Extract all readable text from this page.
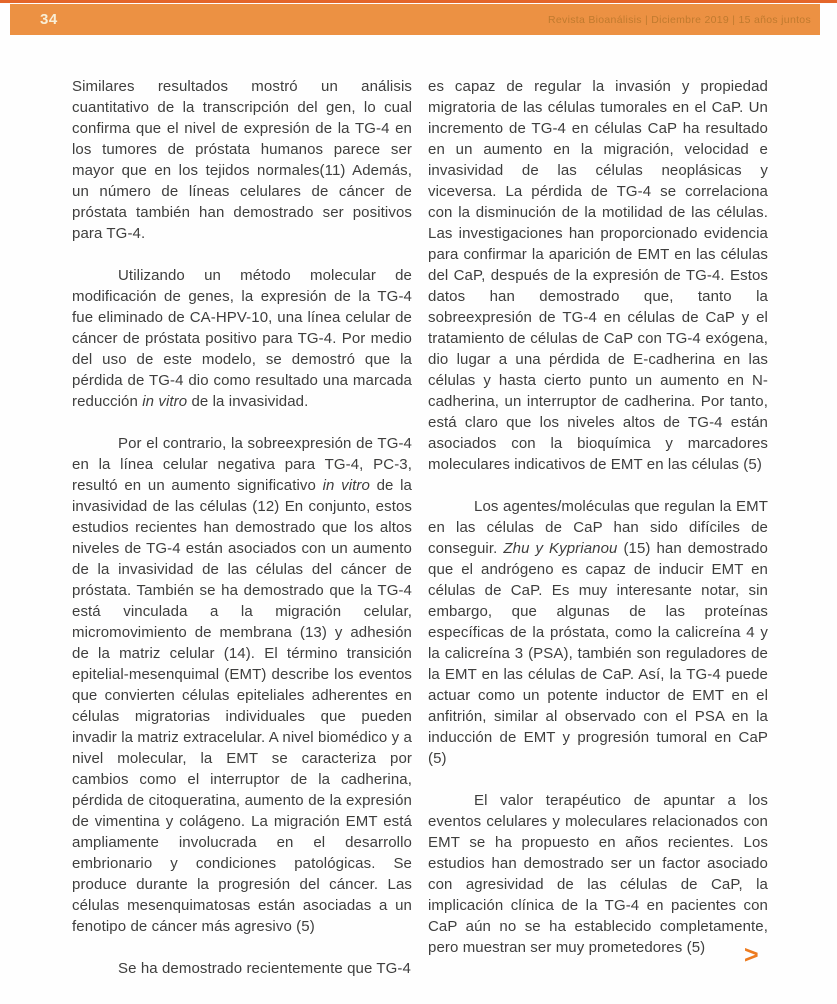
34	Revista Bioanálisis | Diciembre 2019 | 15 años juntos

Similares resultados mostró un análisis cuantitativo de la transcripción del gen, lo cual confirma que el nivel de expresión de la TG-4 en los tumores de próstata humanos parece ser mayor que en los tejidos normales(11) Además, un número de líneas celulares de cáncer de próstata también han demostrado ser positivos para TG-4.

Utilizando un método molecular de modificación de genes, la expresión de la TG-4 fue eliminado de CA-HPV-10, una línea celular de cáncer de próstata positivo para TG-4. Por medio del uso de este modelo, se demostró que la pérdida de TG-4 dio como resultado una marcada reducción in vitro de la invasividad.

Por el contrario, la sobreexpresión de TG-4 en la línea celular negativa para TG-4, PC-3, resultó en un aumento significativo in vitro de la invasividad de las células (12) En conjunto, estos estudios recientes han demostrado que los altos niveles de TG-4 están asociados con un aumento de la invasividad de las células del cáncer de próstata. También se ha demostrado que la TG-4 está vinculada a la migración celular, micromovimiento de membrana (13) y adhesión de la matriz celular (14). El término transición epitelial-mesenquimal (EMT) describe los eventos que convierten células epiteliales adherentes en células migratorias individuales que pueden invadir la matriz extracelular. A nivel biomédico y a nivel molecular, la EMT se caracteriza por cambios como el interruptor de la cadherina, pérdida de citoqueratina, aumento de la expresión de vimentina y colágeno. La migración EMT está ampliamente involucrada en el desarrollo embrionario y condiciones patológicas. Se produce durante la progresión del cáncer. Las células mesenquimatosas están asociadas a un fenotipo de cáncer más agresivo (5)

Se ha demostrado recientemente que TG-4

es capaz de regular la invasión y propiedad migratoria de las células tumorales en el CaP. Un incremento de TG-4 en células CaP ha resultado en un aumento en la migración, velocidad e invasividad de las células neoplásicas y viceversa. La pérdida de TG-4 se correlaciona con la disminución de la motilidad de las células. Las investigaciones han proporcionado evidencia para confirmar la aparición de EMT en las células del CaP, después de la expresión de TG-4. Estos datos han demostrado que, tanto la sobreexpresión de TG-4 en células de CaP y el tratamiento de células de CaP con TG-4 exógena, dio lugar a una pérdida de E-cadherina en las células y hasta cierto punto un aumento en N- cadherina, un interruptor de cadherina. Por tanto, está claro que los niveles altos de TG-4 están asociados con la bioquímica y marcadores moleculares indicativos de EMT en las células (5)

Los agentes/moléculas que regulan la EMT en las células de CaP han sido difíciles de conseguir. Zhu y Kyprianou (15) han demostrado que el andrógeno es capaz de inducir EMT en células de CaP. Es muy interesante notar, sin embargo, que algunas de las proteínas específicas de la próstata, como la calicreína 4 y la calicreína 3 (PSA), también son reguladores de la EMT en las células de CaP. Así, la TG-4 puede actuar como un potente inductor de EMT en el anfitrión, similar al observado con el PSA en la inducción de EMT y progresión tumoral en CaP (5)

El valor terapéutico de apuntar a los eventos celulares y moleculares relacionados con EMT se ha propuesto en años recientes. Los estudios han demostrado ser un factor asociado con agresividad de las células de CaP, la implicación clínica de la TG-4 en pacientes con CaP aún no se ha establecido completamente, pero muestran ser muy prometedores (5)	>
